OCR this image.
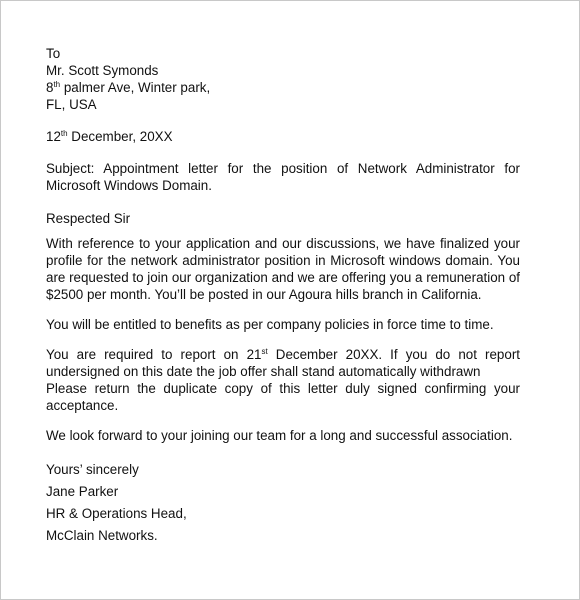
To
Mr. Scott Symonds
8th palmer Ave, Winter park,
FL, USA
12th December, 20XX

Subject: Appointment letter for the position of Network Administrator for Microsoft Windows Domain.

Respected Sir

With reference to your application and our discussions, we have finalized your profile for the network administrator position in Microsoft windows domain. You are requested to join our organization and we are offering you a remuneration of $2500 per month. You’ll be posted in our Agoura hills branch in California.

You will be entitled to benefits as per company policies in force time to time.

You are required to report on 21st December 20XX. If you do not report undersigned on this date the job offer shall stand automatically withdrawn

Please return the duplicate copy of this letter duly signed confirming your acceptance.

We look forward to your joining our team for a long and successful association.

Yours’ sincerely
Jane Parker
HR & Operations Head,
McClain Networks.
